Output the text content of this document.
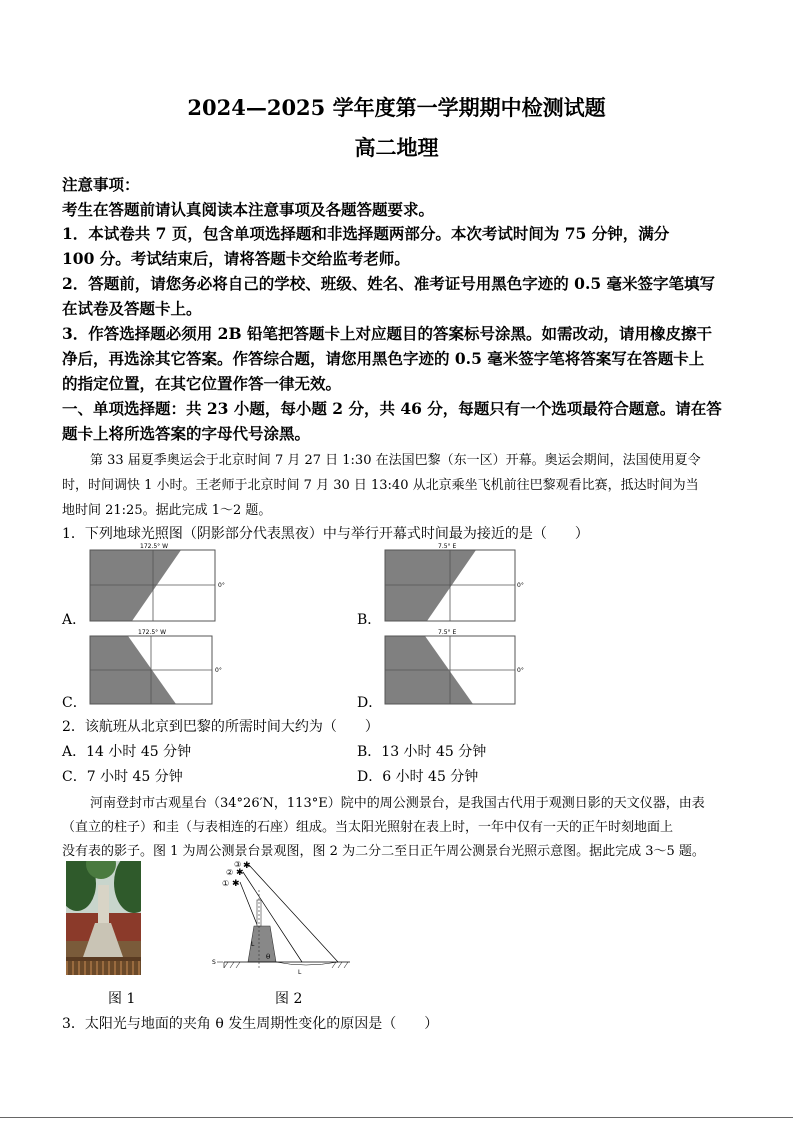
2024—2025 学年度第一学期期中检测试题
高二地理
注意事项：
考生在答题前请认真阅读本注意事项及各题答题要求。
1．本试卷共 7 页，包含单项选择题和非选择题两部分。本次考试时间为 75 分钟，满分
100 分。考试结束后，请将答题卡交给监考老师。
2．答题前，请您务必将自己的学校、班级、姓名、准考证号用黑色字迹的 0.5 毫米签字笔填写
在试卷及答题卡上。
3．作答选择题必须用 2B 铅笔把答题卡上对应题目的答案标号涂黑。如需改动，请用橡皮擦干
净后，再选涂其它答案。作答综合题，请您用黑色字迹的 0.5 毫米签字笔将答案写在答题卡上
的指定位置，在其它位置作答一律无效。
一、单项选择题：共 23 小题，每小题 2 分，共 46 分，每题只有一个选项最符合题意。请在答
题卡上将所选答案的字母代号涂黑。
第 33 届夏季奥运会于北京时间 7 月 27 日 1:30 在法国巴黎（东一区）开幕。奥运会期间，法国使用夏令
时，时间调快 1 小时。王老师于北京时间 7 月 30 日 13:40 从北京乘坐飞机前往巴黎观看比赛，抵达时间为当
地时间 21:25。据此完成 1～2 题。
1．下列地球光照图（阴影部分代表黑夜）中与举行开幕式时间最为接近的是（　　）
A．
172.5° W
0°
B．
7.5° E
0°
C．
172.5° W
0°
D．
7.5° E
0°
2．该航班从北京到巴黎的所需时间大约为（　　）
A．14 小时 45 分钟	B．13 小时 45 分钟
C．7 小时 45 分钟	D．6 小时 45 分钟
河南登封市古观星台（34°26′N，113°E）院中的周公测景台，是我国古代用于观测日影的天文仪器，由表
（直立的柱子）和圭（与表相连的石座）组成。当太阳光照射在表上时，一年中仅有一天的正午时刻地面上
没有表的影子。图 1 为周公测景台景观图，图 2 为二分二至日正午周公测景台光照示意图。据此完成 3～5 题。
① ✱
② ✱
③ ✱
L
S
θ
L
图 1	图 2
3．太阳光与地面的夹角 θ 发生周期性变化的原因是（　　）
